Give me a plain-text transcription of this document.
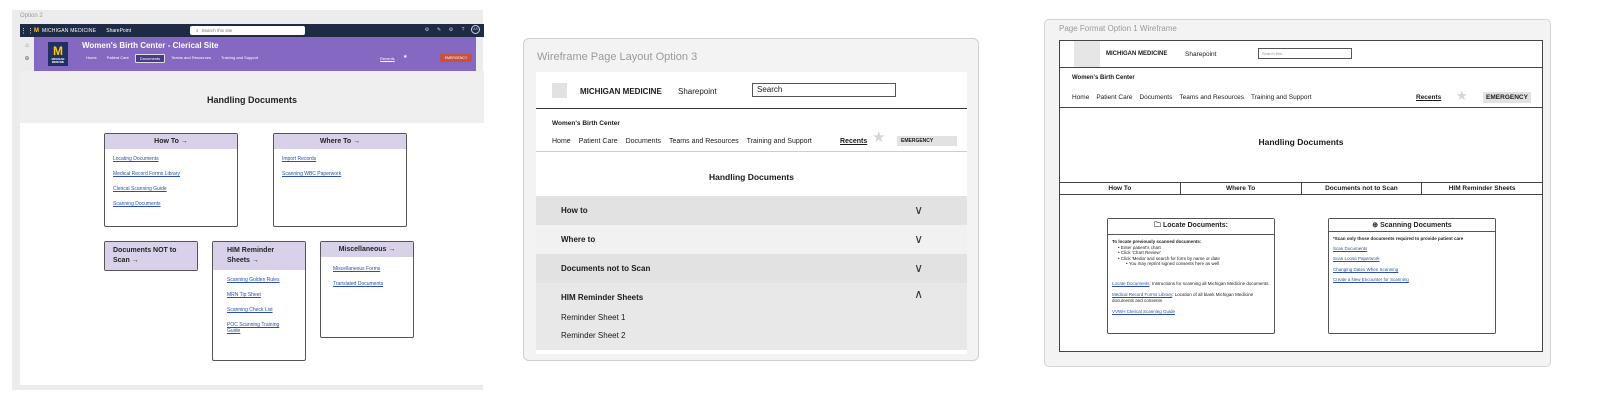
Option 2
⋮⋮ M MICHIGAN MEDICINE SharePoint	⌕ Search this site	⚙	✎	⚙	?	AS
⌂
⊕
M
MICHIGAN MEDICINE
Women's Birth Center - Clerical Site
Home	Patient Care	Documents	Teams and Resources	Training and Support	Recents ★	EMERGENCY
Handling Documents
How To →
Locating Documents
Medical Record Forms Library
Clerical Scanning Guide
Scanning Documents
Where To →
Import Records
Scanning WBC Paperwork
Documents NOT to Scan →
HIM Reminder Sheets →
Scanning Golden Rules
MRN Tip Sheet
Scanning Check List
POC Scanning Training Guide
Miscellaneous →
Miscellaneous Forms
Translated Documents
Wireframe Page Layout Option 3
MICHIGAN MEDICINE Sharepoint	Search
Women's Birth Center
Home Patient Care Documents Teams and Resources Training and Support	Recents ★	EMERGENCY
Handling Documents
How to	∨
Where to	∨
Documents not to Scan	∨
HIM Reminder Sheets	∧
Reminder Sheet 1
Reminder Sheet 2
Page Format Option 1 Wireframe
MICHIGAN MEDICINE	Sharepoint	Search this...
Women's Birth Center
Home Patient Care Documents Teams and Resources Training and Support	Recents ★	EMERGENCY
Handling Documents
How To	Where To	Documents not to Scan	HIM Reminder Sheets
🗀 Locate Documents:
To locate previously scanned documents:
• Enter patient's chart
• Click 'Chart Review'
• Click 'Media' and search for form by name or date
• You may reprint signed consents here as well
Locate Documents: Instructions for scanning all Michigan Medicine documents.
Medical Record Forms Library: Location of all blank Michigan Medicine documents and consents
VVWH Clerical Scanning Guide
⊕ Scanning Documents
*Scan only those documents required to provide patient care
Scan Documents
Scan Loose Paperwork
Changing Dates When Scanning
Create a New Encounter for Scanning
